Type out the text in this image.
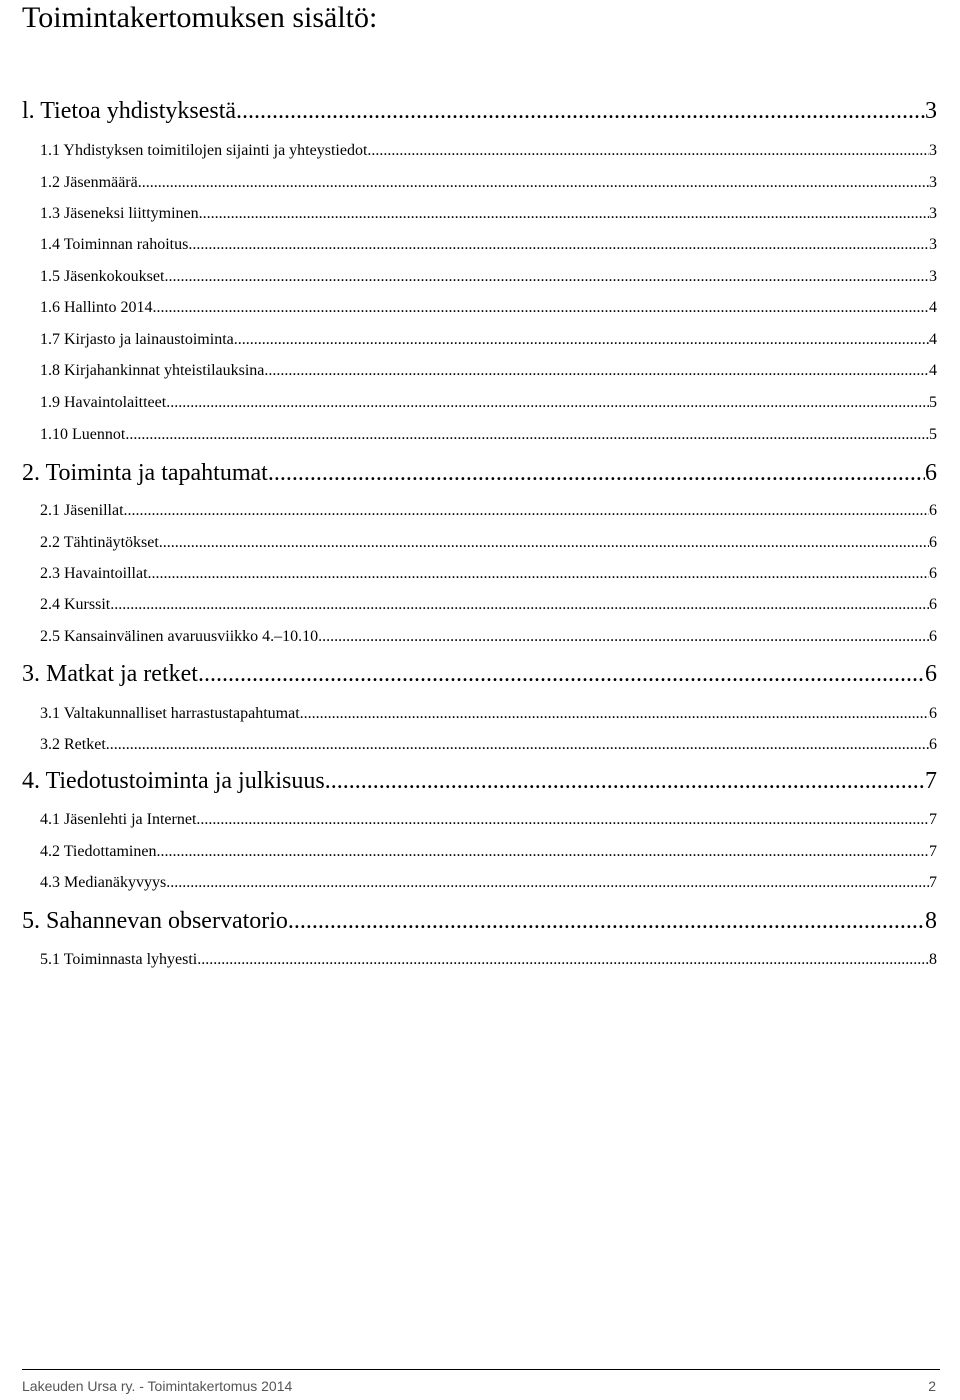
Toimintakertomuksen sisältö:
l. Tietoa yhdistyksestä .....	3
1.1 Yhdistyksen toimitilojen sijainti ja yhteystiedot .....	3
1.2 Jäsenmäärä .....	3
1.3 Jäseneksi liittyminen .....	3
1.4 Toiminnan rahoitus .....	3
1.5 Jäsenkokoukset .....	3
1.6 Hallinto 2014 .....	4
1.7 Kirjasto ja lainaustoiminta .....	4
1.8 Kirjahankinnat yhteistilauksina .....	4
1.9 Havaintolaitteet .....	5
1.10 Luennot .....	5
2. Toiminta ja tapahtumat .....	6
2.1 Jäsenillat .....	6
2.2 Tähtinäytökset .....	6
2.3 Havaintoillat .....	6
2.4 Kurssit .....	6
2.5 Kansainvälinen avaruusviikko 4.–10.10. .....	6
3. Matkat ja retket .....	6
3.1 Valtakunnalliset harrastustapahtumat .....	6
3.2 Retket .....	6
4. Tiedotustoiminta ja julkisuus .....	7
4.1 Jäsenlehti ja Internet .....	7
4.2 Tiedottaminen .....	7
4.3 Medianäkyvyys .....	7
5. Sahannevan observatorio .....	8
5.1 Toiminnasta lyhyesti .....	8
Lakeuden Ursa ry. - Toimintakertomus 2014	2
